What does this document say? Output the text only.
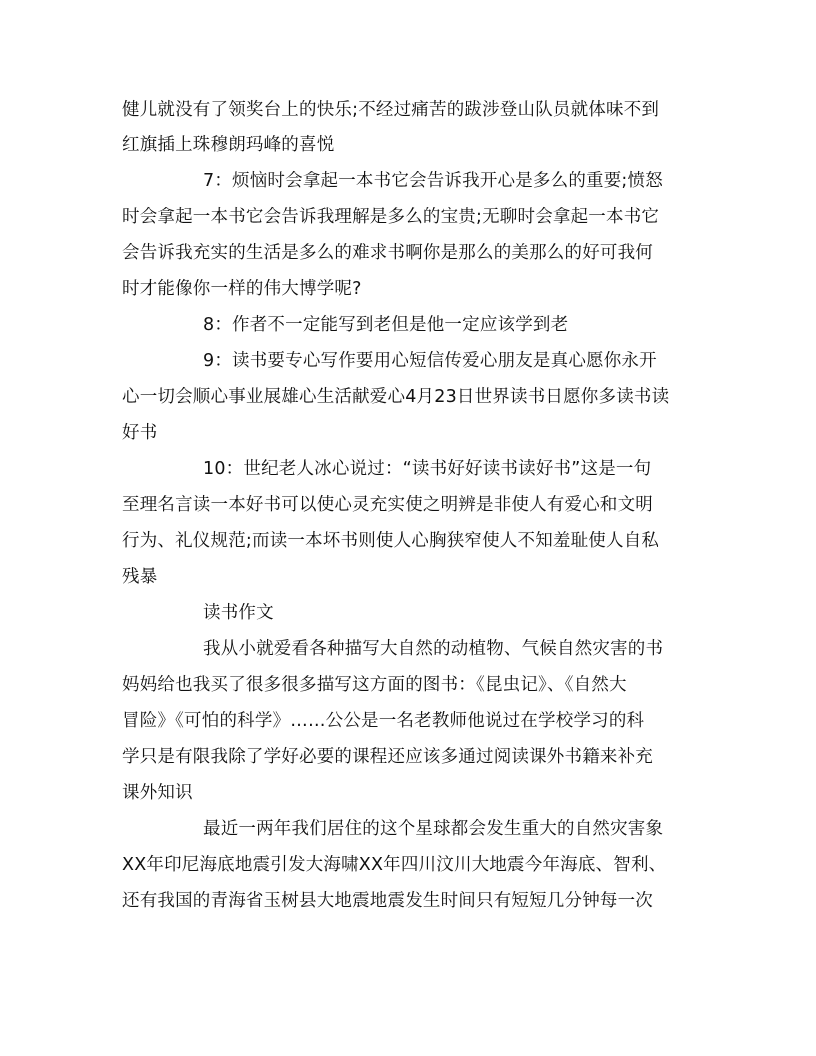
健儿就没有了领奖台上的快乐;不经过痛苦的跋涉登山队员就体味不到
红旗插上珠穆朗玛峰的喜悦
7：烦恼时会拿起一本书它会告诉我开心是多么的重要;愤怒
时会拿起一本书它会告诉我理解是多么的宝贵;无聊时会拿起一本书它
会告诉我充实的生活是多么的难求书啊你是那么的美那么的好可我何
时才能像你一样的伟大博学呢?
8：作者不一定能写到老但是他一定应该学到老
9：读书要专心写作要用心短信传爱心朋友是真心愿你永开
心一切会顺心事业展雄心生活献爱心4月23日世界读书日愿你多读书读
好书
10：世纪老人冰心说过：“读书好好读书读好书”这是一句
至理名言读一本好书可以使心灵充实使之明辨是非使人有爱心和文明
行为、礼仪规范;而读一本坏书则使人心胸狭窄使人不知羞耻使人自私
残暴
读书作文
我从小就爱看各种描写大自然的动植物、气候自然灾害的书
妈妈给也我买了很多很多描写这方面的图书：《昆虫记》、《自然大
冒险》《可怕的科学》……公公是一名老教师他说过在学校学习的科
学只是有限我除了学好必要的课程还应该多通过阅读课外书籍来补充
课外知识
最近一两年我们居住的这个星球都会发生重大的自然灾害象
XX年印尼海底地震引发大海啸XX年四川汶川大地震今年海底、智利、
还有我国的青海省玉树县大地震地震发生时间只有短短几分钟每一次
